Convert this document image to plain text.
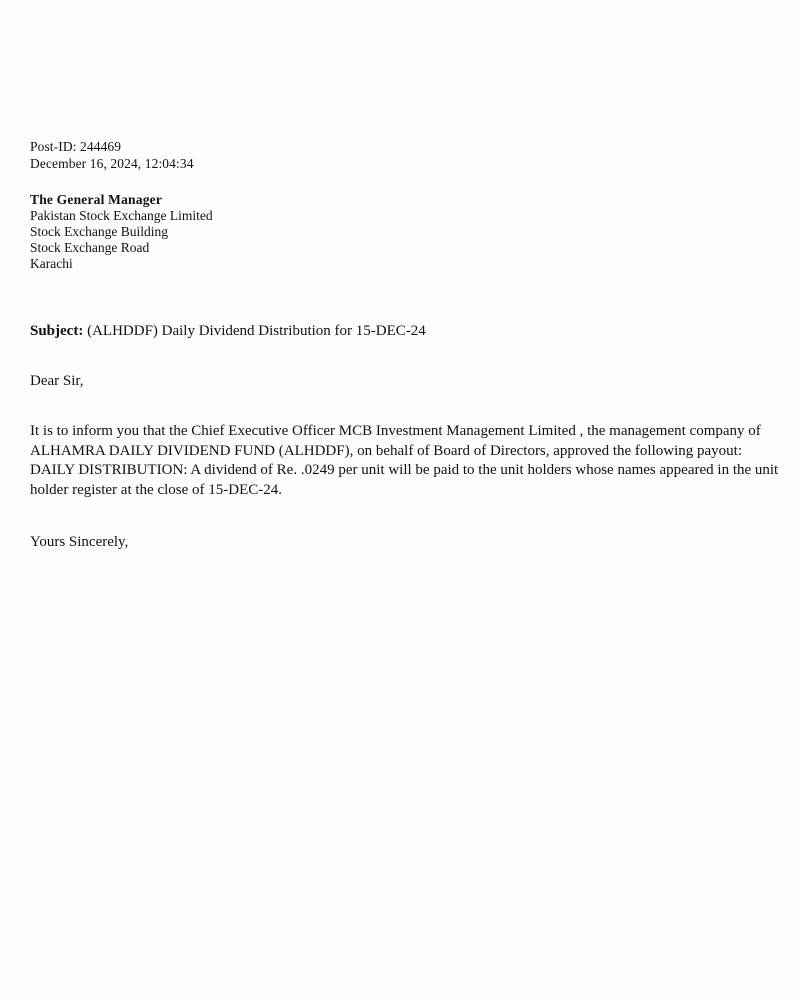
Post-ID: 244469
December 16, 2024, 12:04:34
The General Manager
Pakistan Stock Exchange Limited
Stock Exchange Building
Stock Exchange Road
Karachi
Subject: (ALHDDF) Daily Dividend Distribution for 15-DEC-24
Dear Sir,

It is to inform you that the Chief Executive Officer MCB Investment Management Limited , the management company of ALHAMRA DAILY DIVIDEND FUND (ALHDDF), on behalf of Board of Directors, approved the following payout: DAILY DISTRIBUTION: A dividend of Re. .0249 per unit will be paid to the unit holders whose names appeared in the unit holder register at the close of 15-DEC-24.

Yours Sincerely,
